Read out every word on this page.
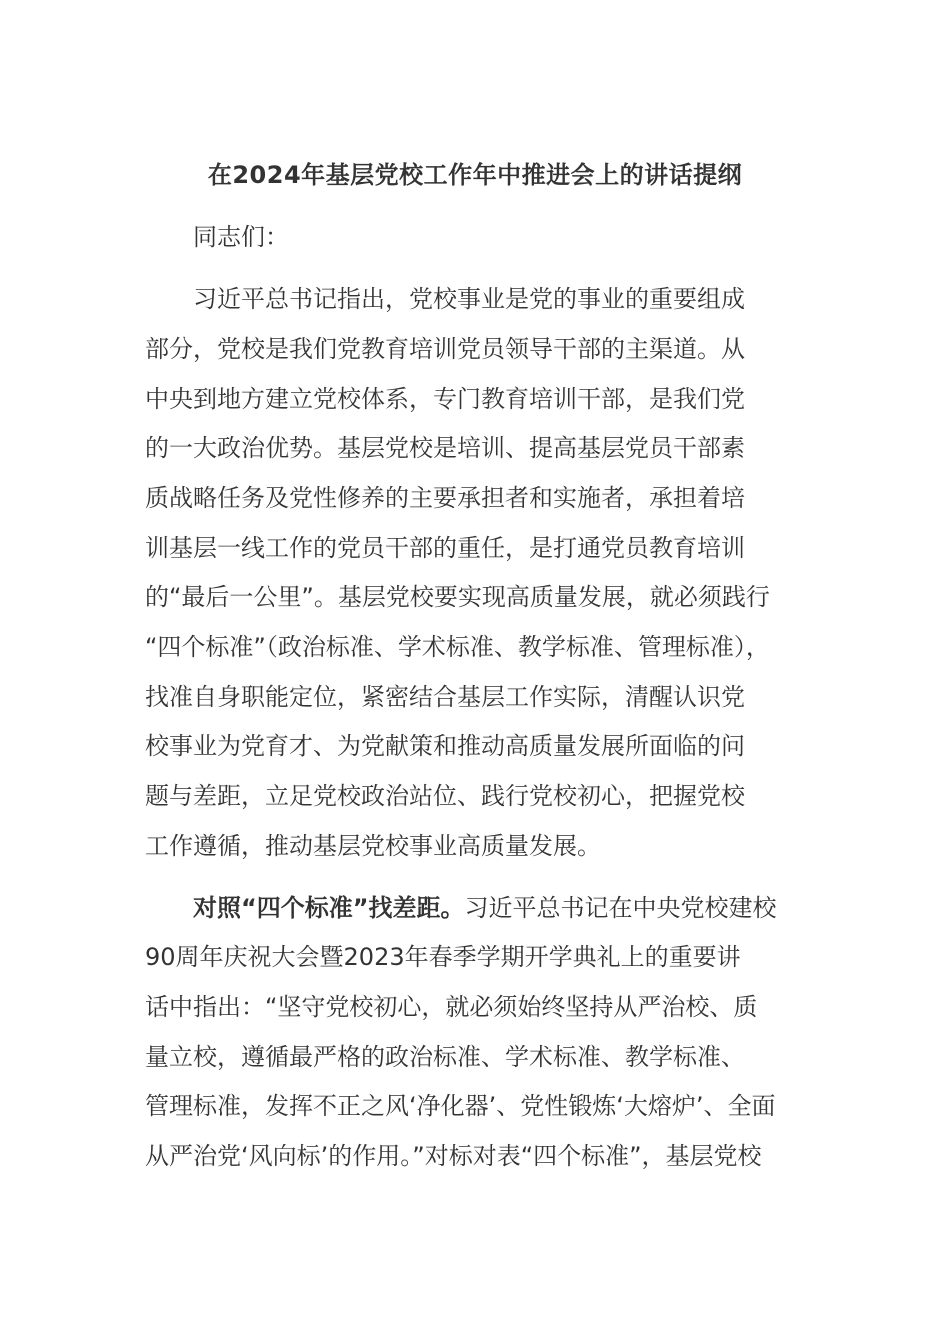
在2024年基层党校工作年中推进会上的讲话提纲
同志们：
习近平总书记指出，党校事业是党的事业的重要组成
部分，党校是我们党教育培训党员领导干部的主渠道。从
中央到地方建立党校体系，专门教育培训干部，是我们党
的一大政治优势。基层党校是培训、提高基层党员干部素
质战略任务及党性修养的主要承担者和实施者，承担着培
训基层一线工作的党员干部的重任，是打通党员教育培训
的“最后一公里”。基层党校要实现高质量发展，就必须践行
“四个标准”（政治标准、学术标准、教学标准、管理标准），
找准自身职能定位，紧密结合基层工作实际，清醒认识党
校事业为党育才、为党献策和推动高质量发展所面临的问
题与差距，立足党校政治站位、践行党校初心，把握党校
工作遵循，推动基层党校事业高质量发展。
对照“四个标准”找差距。习近平总书记在中央党校建校
90周年庆祝大会暨2023年春季学期开学典礼上的重要讲
话中指出：“坚守党校初心，就必须始终坚持从严治校、质
量立校，遵循最严格的政治标准、学术标准、教学标准、
管理标准，发挥不正之风‘净化器’、党性锻炼‘大熔炉’、全面
从严治党‘风向标’的作用。”对标对表“四个标准”，基层党校
